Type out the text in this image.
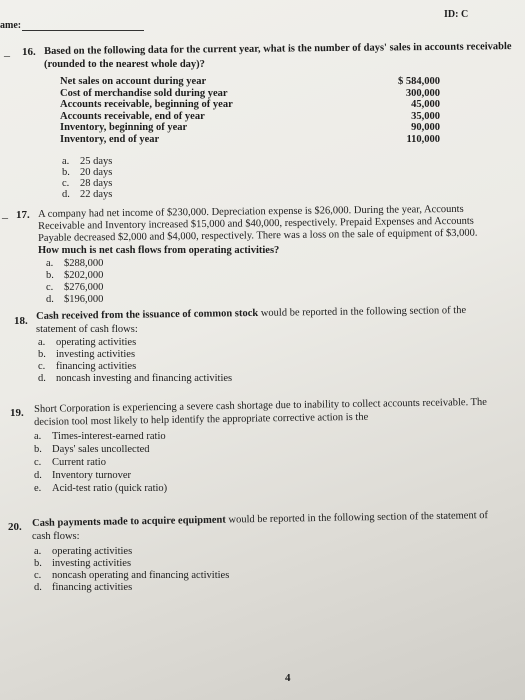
ame:
ID: C
_ 16. Based on the following data for the current year, what is the number of days' sales in accounts receivable
(rounded to the nearest whole day)?
Net sales on account during year	$ 584,000
Cost of merchandise sold during year	300,000
Accounts receivable, beginning of year	45,000
Accounts receivable, end of year	35,000
Inventory, beginning of year	90,000
Inventory, end of year	110,000
a. 25 days
b. 20 days
c. 28 days
d. 22 days
_ 17. A company had net income of $230,000. Depreciation expense is $26,000. During the year, Accounts
Receivable and Inventory increased $15,000 and $40,000, respectively. Prepaid Expenses and Accounts
Payable decreased $2,000 and $4,000, respectively. There was a loss on the sale of equipment of $3,000.
How much is net cash flows from operating activities?
a. $288,000
b. $202,000
c. $276,000
d. $196,000
18. Cash received from the issuance of common stock would be reported in the following section of the
statement of cash flows:
a. operating activities
b. investing activities
c. financing activities
d. noncash investing and financing activities
19. Short Corporation is experiencing a severe cash shortage due to inability to collect accounts receivable. The
decision tool most likely to help identify the appropriate corrective action is the
a. Times-interest-earned ratio
b. Days' sales uncollected
c. Current ratio
d. Inventory turnover
e. Acid-test ratio (quick ratio)
20. Cash payments made to acquire equipment would be reported in the following section of the statement of
cash flows:
a. operating activities
b. investing activities
c. noncash operating and financing activities
d. financing activities
4
